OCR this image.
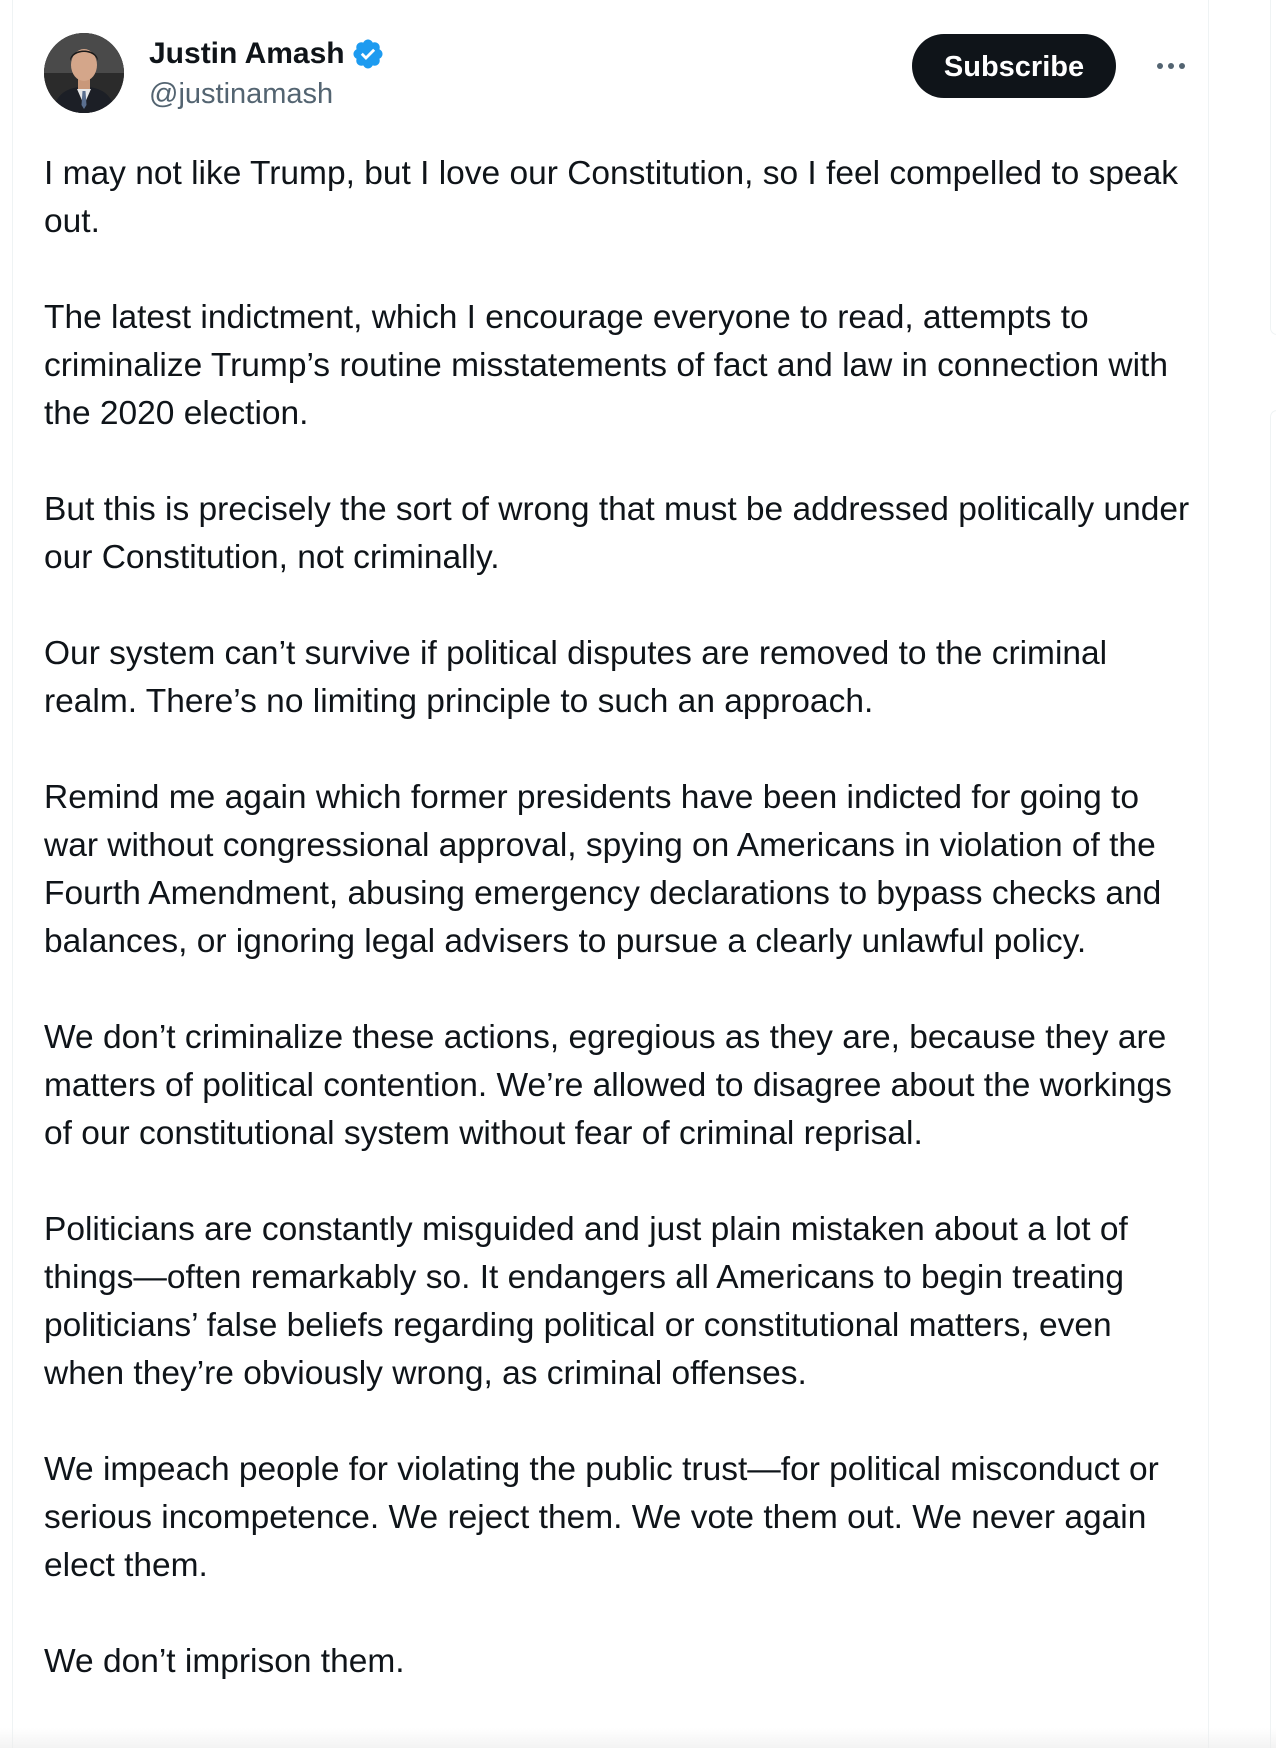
Justin Amash
@justinamash
Subscribe

I may not like Trump, but I love our Constitution, so I feel compelled to speak out.

The latest indictment, which I encourage everyone to read, attempts to criminalize Trump’s routine misstatements of fact and law in connection with the 2020 election.

But this is precisely the sort of wrong that must be addressed politically under our Constitution, not criminally.

Our system can’t survive if political disputes are removed to the criminal realm. There’s no limiting principle to such an approach.

Remind me again which former presidents have been indicted for going to war without congressional approval, spying on Americans in violation of the Fourth Amendment, abusing emergency declarations to bypass checks and balances, or ignoring legal advisers to pursue a clearly unlawful policy.

We don’t criminalize these actions, egregious as they are, because they are matters of political contention. We’re allowed to disagree about the workings of our constitutional system without fear of criminal reprisal.

Politicians are constantly misguided and just plain mistaken about a lot of things—often remarkably so. It endangers all Americans to begin treating politicians’ false beliefs regarding political or constitutional matters, even when they’re obviously wrong, as criminal offenses.

We impeach people for violating the public trust—for political misconduct or serious incompetence. We reject them. We vote them out. We never again elect them.

We don’t imprison them.
